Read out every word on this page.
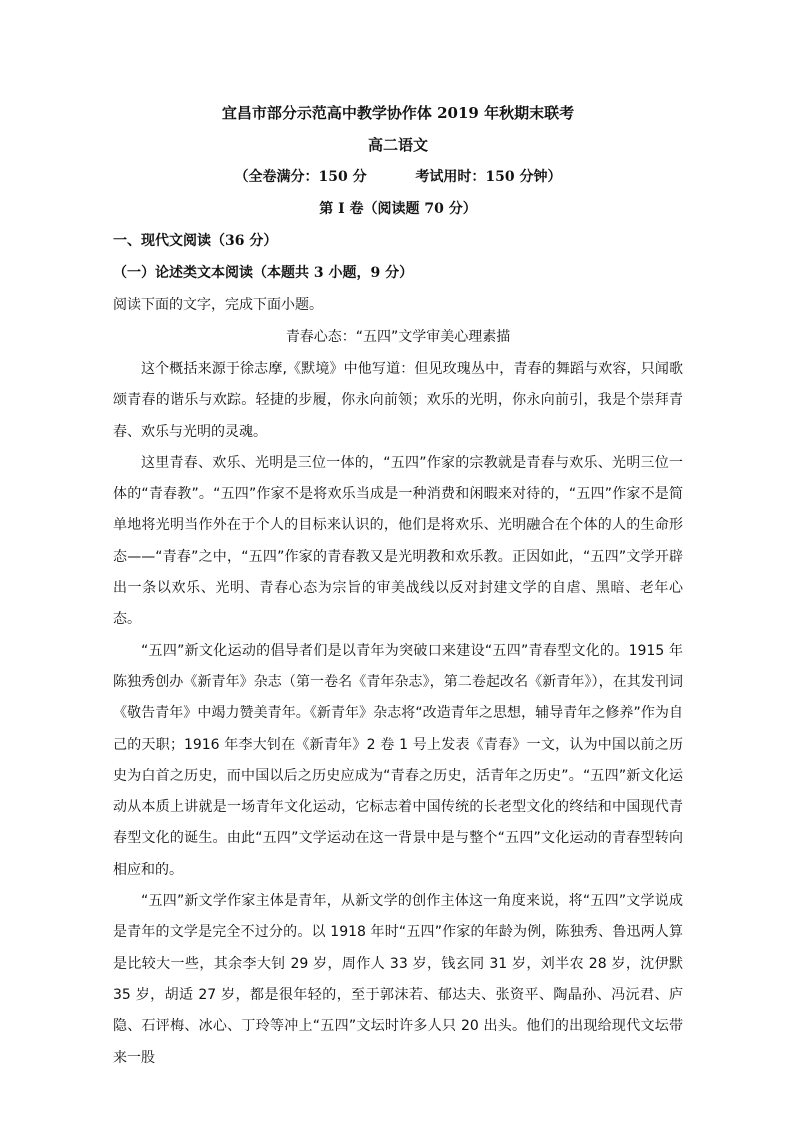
宜昌市部分示范高中教学协作体 2019 年秋期末联考
高二语文
（全卷满分：150 分          考试用时：150 分钟）
第 I 卷（阅读题 70 分）
一、现代文阅读（36 分）
（一）论述类文本阅读（本题共 3 小题，9 分）
阅读下面的文字，完成下面小题。
青春心态：“五四”文学审美心理素描

这个概括来源于徐志摩,《默境》中他写道：但见玫瑰丛中，青春的舞蹈与欢容，只闻歌颂青春的谐乐与欢踪。轻捷的步履，你永向前领；欢乐的光明，你永向前引，我是个崇拜青春、欢乐与光明的灵魂。

这里青春、欢乐、光明是三位一体的，“五四”作家的宗教就是青春与欢乐、光明三位一体的“青春教”。“五四”作家不是将欢乐当成是一种消费和闲暇来对待的，“五四”作家不是简单地将光明当作外在于个人的目标来认识的，他们是将欢乐、光明融合在个体的人的生命形态——“青春”之中，“五四”作家的青春教又是光明教和欢乐教。正因如此，“五四”文学开辟出一条以欢乐、光明、青春心态为宗旨的审美战线以反对封建文学的自虐、黑暗、老年心态。

“五四”新文化运动的倡导者们是以青年为突破口来建设“五四”青春型文化的。1915 年陈独秀创办《新青年》杂志（第一卷名《青年杂志》，第二卷起改名《新青年》），在其发刊词《敬告青年》中竭力赞美青年。《新青年》杂志将“改造青年之思想，辅导青年之修养”作为自己的天职；1916 年李大钊在《新青年》2 卷 1 号上发表《青春》一文，认为中国以前之历史为白首之历史，而中国以后之历史应成为“青春之历史，活青年之历史”。“五四”新文化运动从本质上讲就是一场青年文化运动，它标志着中国传统的长老型文化的终结和中国现代青春型文化的诞生。由此“五四”文学运动在这一背景中是与整个“五四”文化运动的青春型转向相应和的。

“五四”新文学作家主体是青年，从新文学的创作主体这一角度来说，将“五四”文学说成是青年的文学是完全不过分的。以 1918 年时“五四”作家的年龄为例，陈独秀、鲁迅两人算是比较大一些，其余李大钊 29 岁，周作人 33 岁，钱玄同 31 岁，刘半农 28 岁，沈伊默 35 岁，胡适 27 岁，都是很年轻的，至于郭沫若、郁达夫、张资平、陶晶孙、冯沅君、庐隐、石评梅、冰心、丁玲等冲上“五四”文坛时许多人只 20 出头。他们的出现给现代文坛带来一股
